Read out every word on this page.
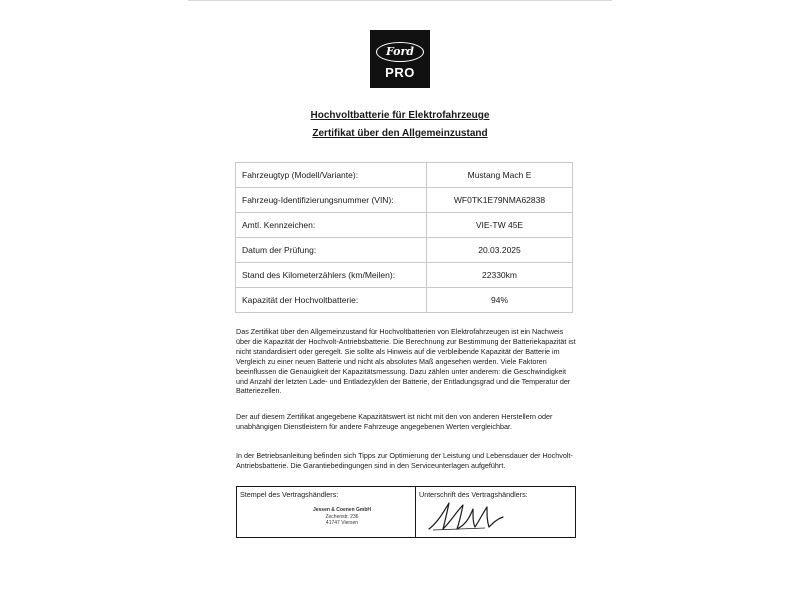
Ford
PRO
Hochvoltbatterie für Elektrofahrzeuge
Zertifikat über den Allgemeinzustand
Fahrzeugtyp (Modell/Variante):	Mustang Mach E
Fahrzeug-Identifizierungsnummer (VIN):	WF0TK1E79NMA62838
Amtl. Kennzeichen:	VIE-TW 45E
Datum der Prüfung:	20.03.2025
Stand des Kilometerzählers (km/Meilen):	22330km
Kapazität der Hochvoltbatterie:	94%

Das Zertifikat über den Allgemeinzustand für Hochvoltbatterien von Elektrofahrzeugen ist ein Nachweis über die Kapazität der Hochvolt-Antriebsbatterie. Die Berechnung zur Bestimmung der Batteriekapazität ist nicht standardisiert oder geregelt. Sie sollte als Hinweis auf die verbleibende Kapazität der Batterie im Vergleich zu einer neuen Batterie und nicht als absolutes Maß angesehen werden. Viele Faktoren beeinflussen die Genauigkeit der Kapazitätsmessung. Dazu zählen unter anderem: die Geschwindigkeit und Anzahl der letzten Lade- und Entladezyklen der Batterie, der Entladungsgrad und die Temperatur der Batteriezellen.

Der auf diesem Zertifikat angegebene Kapazitätswert ist nicht mit den von anderen Herstellern oder unabhängigen Dienstleistern für andere Fahrzeuge angegebenen Werten vergleichbar.

In der Betriebsanleitung befinden sich Tipps zur Optimierung der Leistung und Lebensdauer der Hochvolt-Antriebsbatterie. Die Garantiebedingungen sind in den Serviceunterlagen aufgeführt.

Stempel des Vertragshändlers:	Unterschrift des Vertragshändlers:
Jessen & Coenen GmbH
Zechenstr. 236
41747 Viersen
